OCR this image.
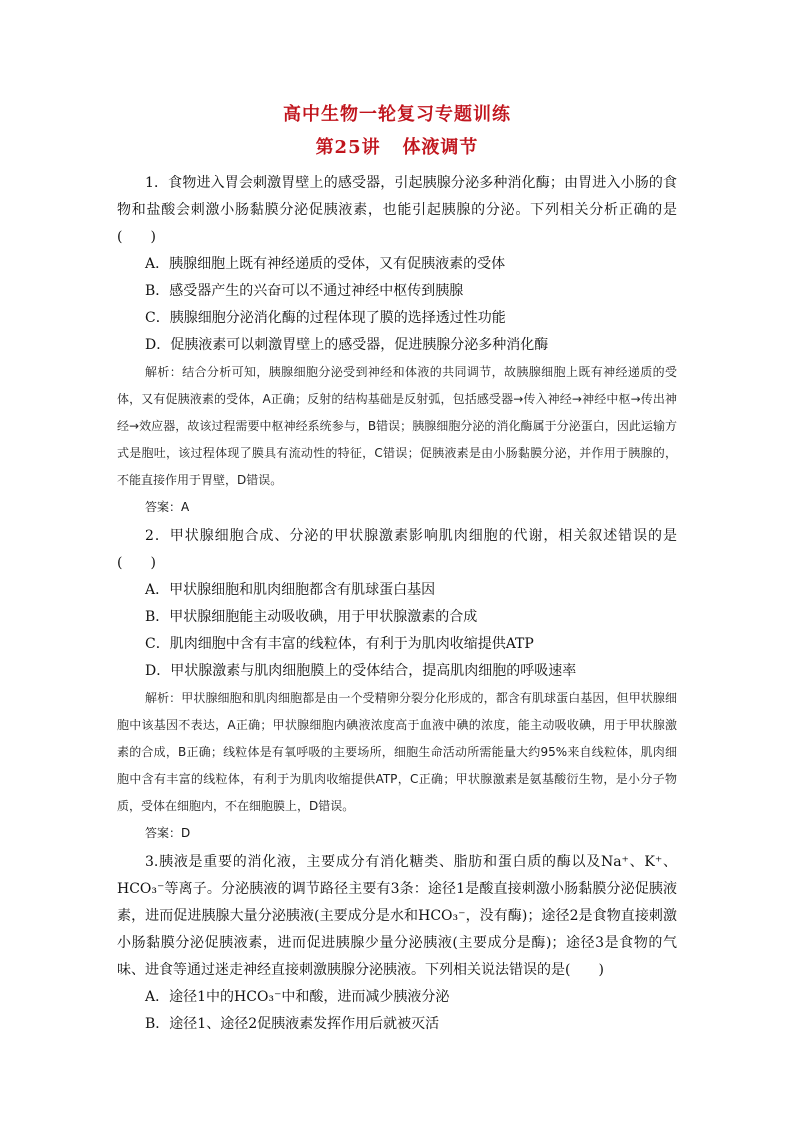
高中生物一轮复习专题训练
第25讲 体液调节

1．食物进入胃会刺激胃壁上的感受器，引起胰腺分泌多种消化酶；由胃进入小肠的食物和盐酸会刺激小肠黏膜分泌促胰液素，也能引起胰腺的分泌。下列相关分析正确的是(　　)

A．胰腺细胞上既有神经递质的受体，又有促胰液素的受体

B．感受器产生的兴奋可以不通过神经中枢传到胰腺

C．胰腺细胞分泌消化酶的过程体现了膜的选择透过性功能

D．促胰液素可以刺激胃壁上的感受器，促进胰腺分泌多种消化酶

解析：结合分析可知，胰腺细胞分泌受到神经和体液的共同调节，故胰腺细胞上既有神经递质的受体，又有促胰液素的受体，A正确；反射的结构基础是反射弧，包括感受器→传入神经→神经中枢→传出神经→效应器，故该过程需要中枢神经系统参与，B错误；胰腺细胞分泌的消化酶属于分泌蛋白，因此运输方式是胞吐，该过程体现了膜具有流动性的特征，C错误；促胰液素是由小肠黏膜分泌，并作用于胰腺的，不能直接作用于胃壁，D错误。

答案：A

2．甲状腺细胞合成、分泌的甲状腺激素影响肌肉细胞的代谢，相关叙述错误的是(　　)

A．甲状腺细胞和肌肉细胞都含有肌球蛋白基因

B．甲状腺细胞能主动吸收碘，用于甲状腺激素的合成

C．肌肉细胞中含有丰富的线粒体，有利于为肌肉收缩提供ATP

D．甲状腺激素与肌肉细胞膜上的受体结合，提高肌肉细胞的呼吸速率

解析：甲状腺细胞和肌肉细胞都是由一个受精卵分裂分化形成的，都含有肌球蛋白基因，但甲状腺细胞中该基因不表达，A正确；甲状腺细胞内碘液浓度高于血液中碘的浓度，能主动吸收碘，用于甲状腺激素的合成，B正确；线粒体是有氧呼吸的主要场所，细胞生命活动所需能量大约95%来自线粒体，肌肉细胞中含有丰富的线粒体，有利于为肌肉收缩提供ATP，C正确；甲状腺激素是氨基酸衍生物，是小分子物质，受体在细胞内，不在细胞膜上，D错误。

答案：D

3.胰液是重要的消化液，主要成分有消化糖类、脂肪和蛋白质的酶以及Na⁺、K⁺、HCO₃⁻等离子。分泌胰液的调节路径主要有3条：途径1是酸直接刺激小肠黏膜分泌促胰液素，进而促进胰腺大量分泌胰液(主要成分是水和HCO₃⁻，没有酶)；途径2是食物直接刺激小肠黏膜分泌促胰液素，进而促进胰腺少量分泌胰液(主要成分是酶)；途径3是食物的气味、进食等通过迷走神经直接刺激胰腺分泌胰液。下列相关说法错误的是(　　)

A．途径1中的HCO₃⁻中和酸，进而减少胰液分泌

B．途径1、途径2促胰液素发挥作用后就被灭活
